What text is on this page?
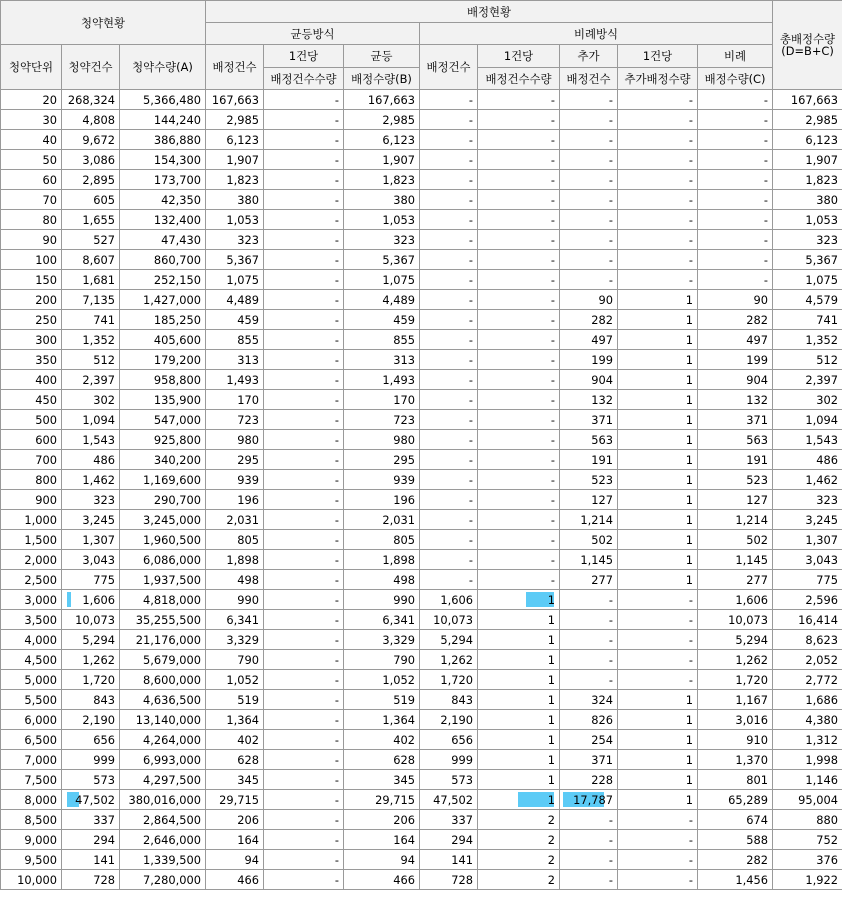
청약현황			배정현황								총배정수량
(D=B+C)
			균등방식			비례방식					
청약단위	청약건수	청약수량(A)	배정건수	1건당	균등	배정건수	1건당	추가	1건당	비례	
				배정건수수량	배정수량(B)		배정건수수량	배정건수	추가배정수량	배정수량(C)	
20	268,324	5,366,480	167,663	-	167,663	-	-	-	-	-	167,663
30	4,808	144,240	2,985	-	2,985	-	-	-	-	-	2,985
40	9,672	386,880	6,123	-	6,123	-	-	-	-	-	6,123
50	3,086	154,300	1,907	-	1,907	-	-	-	-	-	1,907
60	2,895	173,700	1,823	-	1,823	-	-	-	-	-	1,823
70	605	42,350	380	-	380	-	-	-	-	-	380
80	1,655	132,400	1,053	-	1,053	-	-	-	-	-	1,053
90	527	47,430	323	-	323	-	-	-	-	-	323
100	8,607	860,700	5,367	-	5,367	-	-	-	-	-	5,367
150	1,681	252,150	1,075	-	1,075	-	-	-	-	-	1,075
200	7,135	1,427,000	4,489	-	4,489	-	-	90	1	90	4,579
250	741	185,250	459	-	459	-	-	282	1	282	741
300	1,352	405,600	855	-	855	-	-	497	1	497	1,352
350	512	179,200	313	-	313	-	-	199	1	199	512
400	2,397	958,800	1,493	-	1,493	-	-	904	1	904	2,397
450	302	135,900	170	-	170	-	-	132	1	132	302
500	1,094	547,000	723	-	723	-	-	371	1	371	1,094
600	1,543	925,800	980	-	980	-	-	563	1	563	1,543
700	486	340,200	295	-	295	-	-	191	1	191	486
800	1,462	1,169,600	939	-	939	-	-	523	1	523	1,462
900	323	290,700	196	-	196	-	-	127	1	127	323
1,000	3,245	3,245,000	2,031	-	2,031	-	-	1,214	1	1,214	3,245
1,500	1,307	1,960,500	805	-	805	-	-	502	1	502	1,307
2,000	3,043	6,086,000	1,898	-	1,898	-	-	1,145	1	1,145	3,043
2,500	775	1,937,500	498	-	498	-	-	277	1	277	775
3,000	1,606	4,818,000	990	-	990	1,606	1	-	-	1,606	2,596
3,500	10,073	35,255,500	6,341	-	6,341	10,073	1	-	-	10,073	16,414
4,000	5,294	21,176,000	3,329	-	3,329	5,294	1	-	-	5,294	8,623
4,500	1,262	5,679,000	790	-	790	1,262	1	-	-	1,262	2,052
5,000	1,720	8,600,000	1,052	-	1,052	1,720	1	-	-	1,720	2,772
5,500	843	4,636,500	519	-	519	843	1	324	1	1,167	1,686
6,000	2,190	13,140,000	1,364	-	1,364	2,190	1	826	1	3,016	4,380
6,500	656	4,264,000	402	-	402	656	1	254	1	910	1,312
7,000	999	6,993,000	628	-	628	999	1	371	1	1,370	1,998
7,500	573	4,297,500	345	-	345	573	1	228	1	801	1,146
8,000	47,502	380,016,000	29,715	-	29,715	47,502	1	17,787	1	65,289	95,004
8,500	337	2,864,500	206	-	206	337	2	-	-	674	880
9,000	294	2,646,000	164	-	164	294	2	-	-	588	752
9,500	141	1,339,500	94	-	94	141	2	-	-	282	376
10,000	728	7,280,000	466	-	466	728	2	-	-	1,456	1,922
